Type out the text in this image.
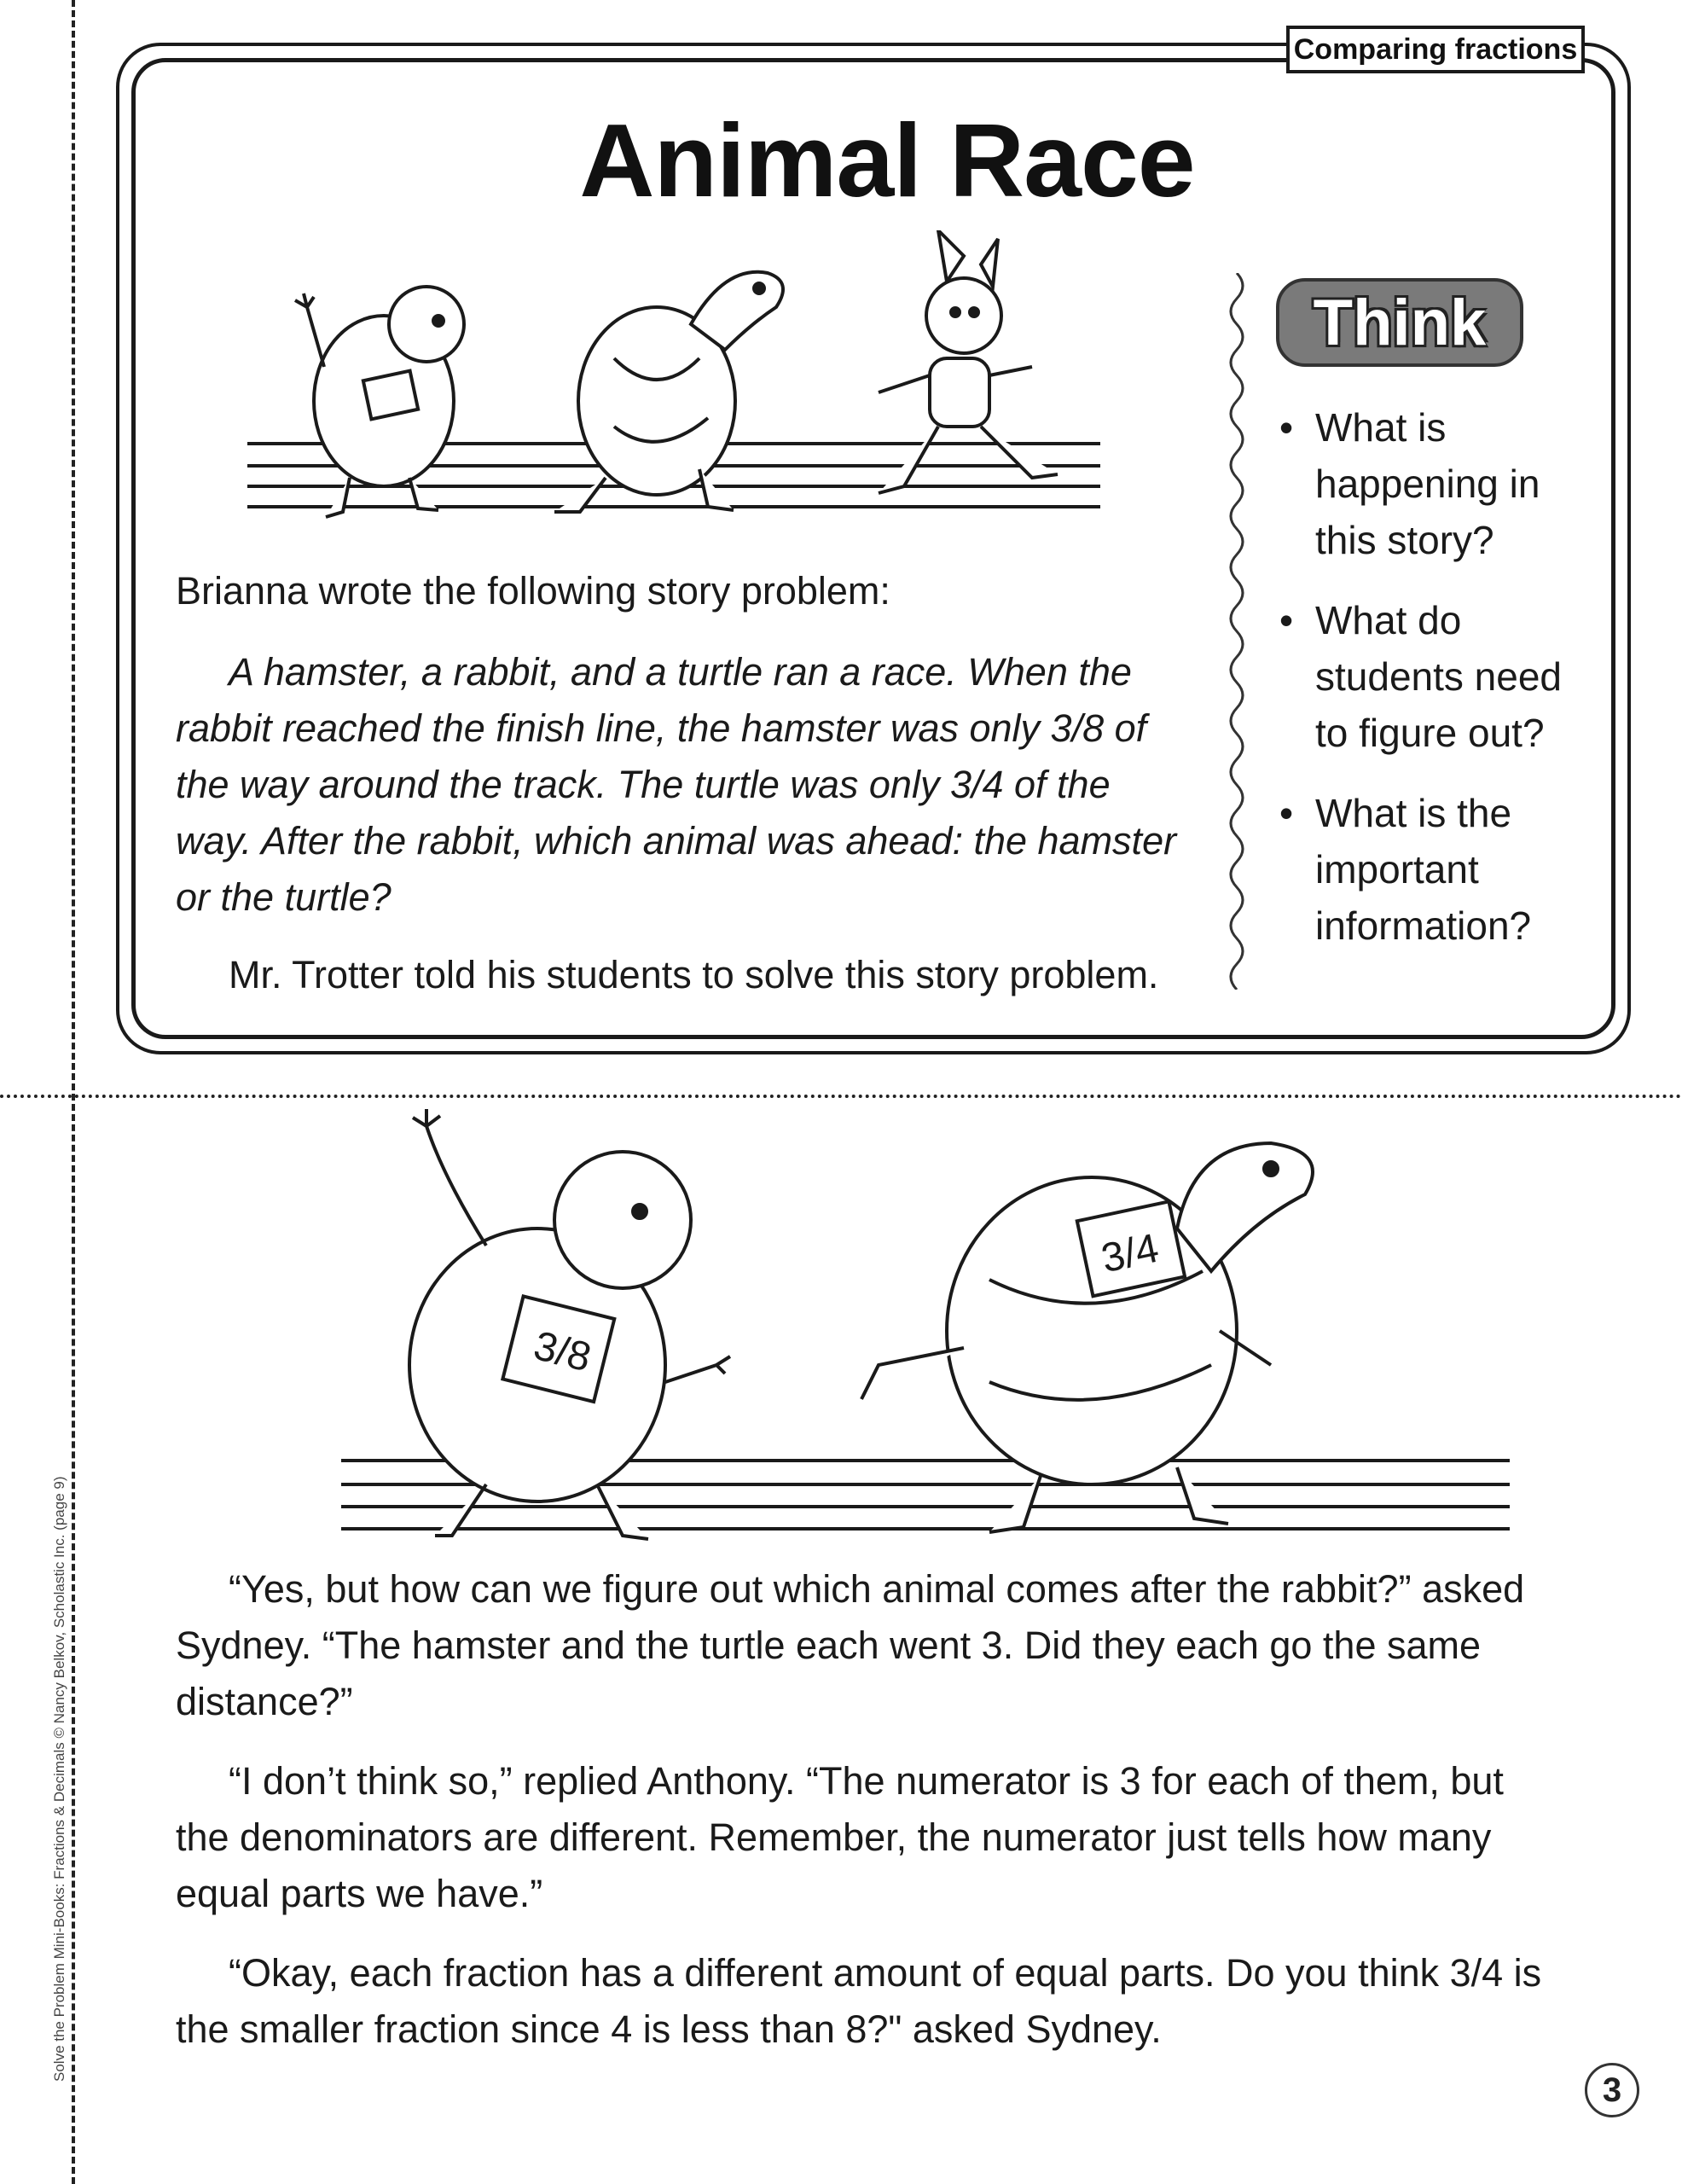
Comparing fractions
Animal Race
Think
• What is happening in this story?
• What do students need to figure out?
• What is the important information?

Brianna wrote the following story problem:

A hamster, a rabbit, and a turtle ran a race. When the rabbit reached the finish line, the hamster was only 3/8 of the way around the track. The turtle was only 3/4 of the way. After the rabbit, which animal was ahead: the hamster or the turtle?

Mr. Trotter told his students to solve this story problem.

3/8
3/4

“Yes, but how can we figure out which animal comes after the rabbit?” asked Sydney. “The hamster and the turtle each went 3. Did they each go the same distance?”

“I don’t think so,” replied Anthony. “The numerator is 3 for each of them, but the denominators are different. Remember, the numerator just tells how many equal parts we have.”

“Okay, each fraction has a different amount of equal parts. Do you think 3/4 is the smaller fraction since 4 is less than 8?" asked Sydney.

3
Solve the Problem Mini-Books: Fractions & Decimals © Nancy Belkov, Scholastic Inc. (page 9)
